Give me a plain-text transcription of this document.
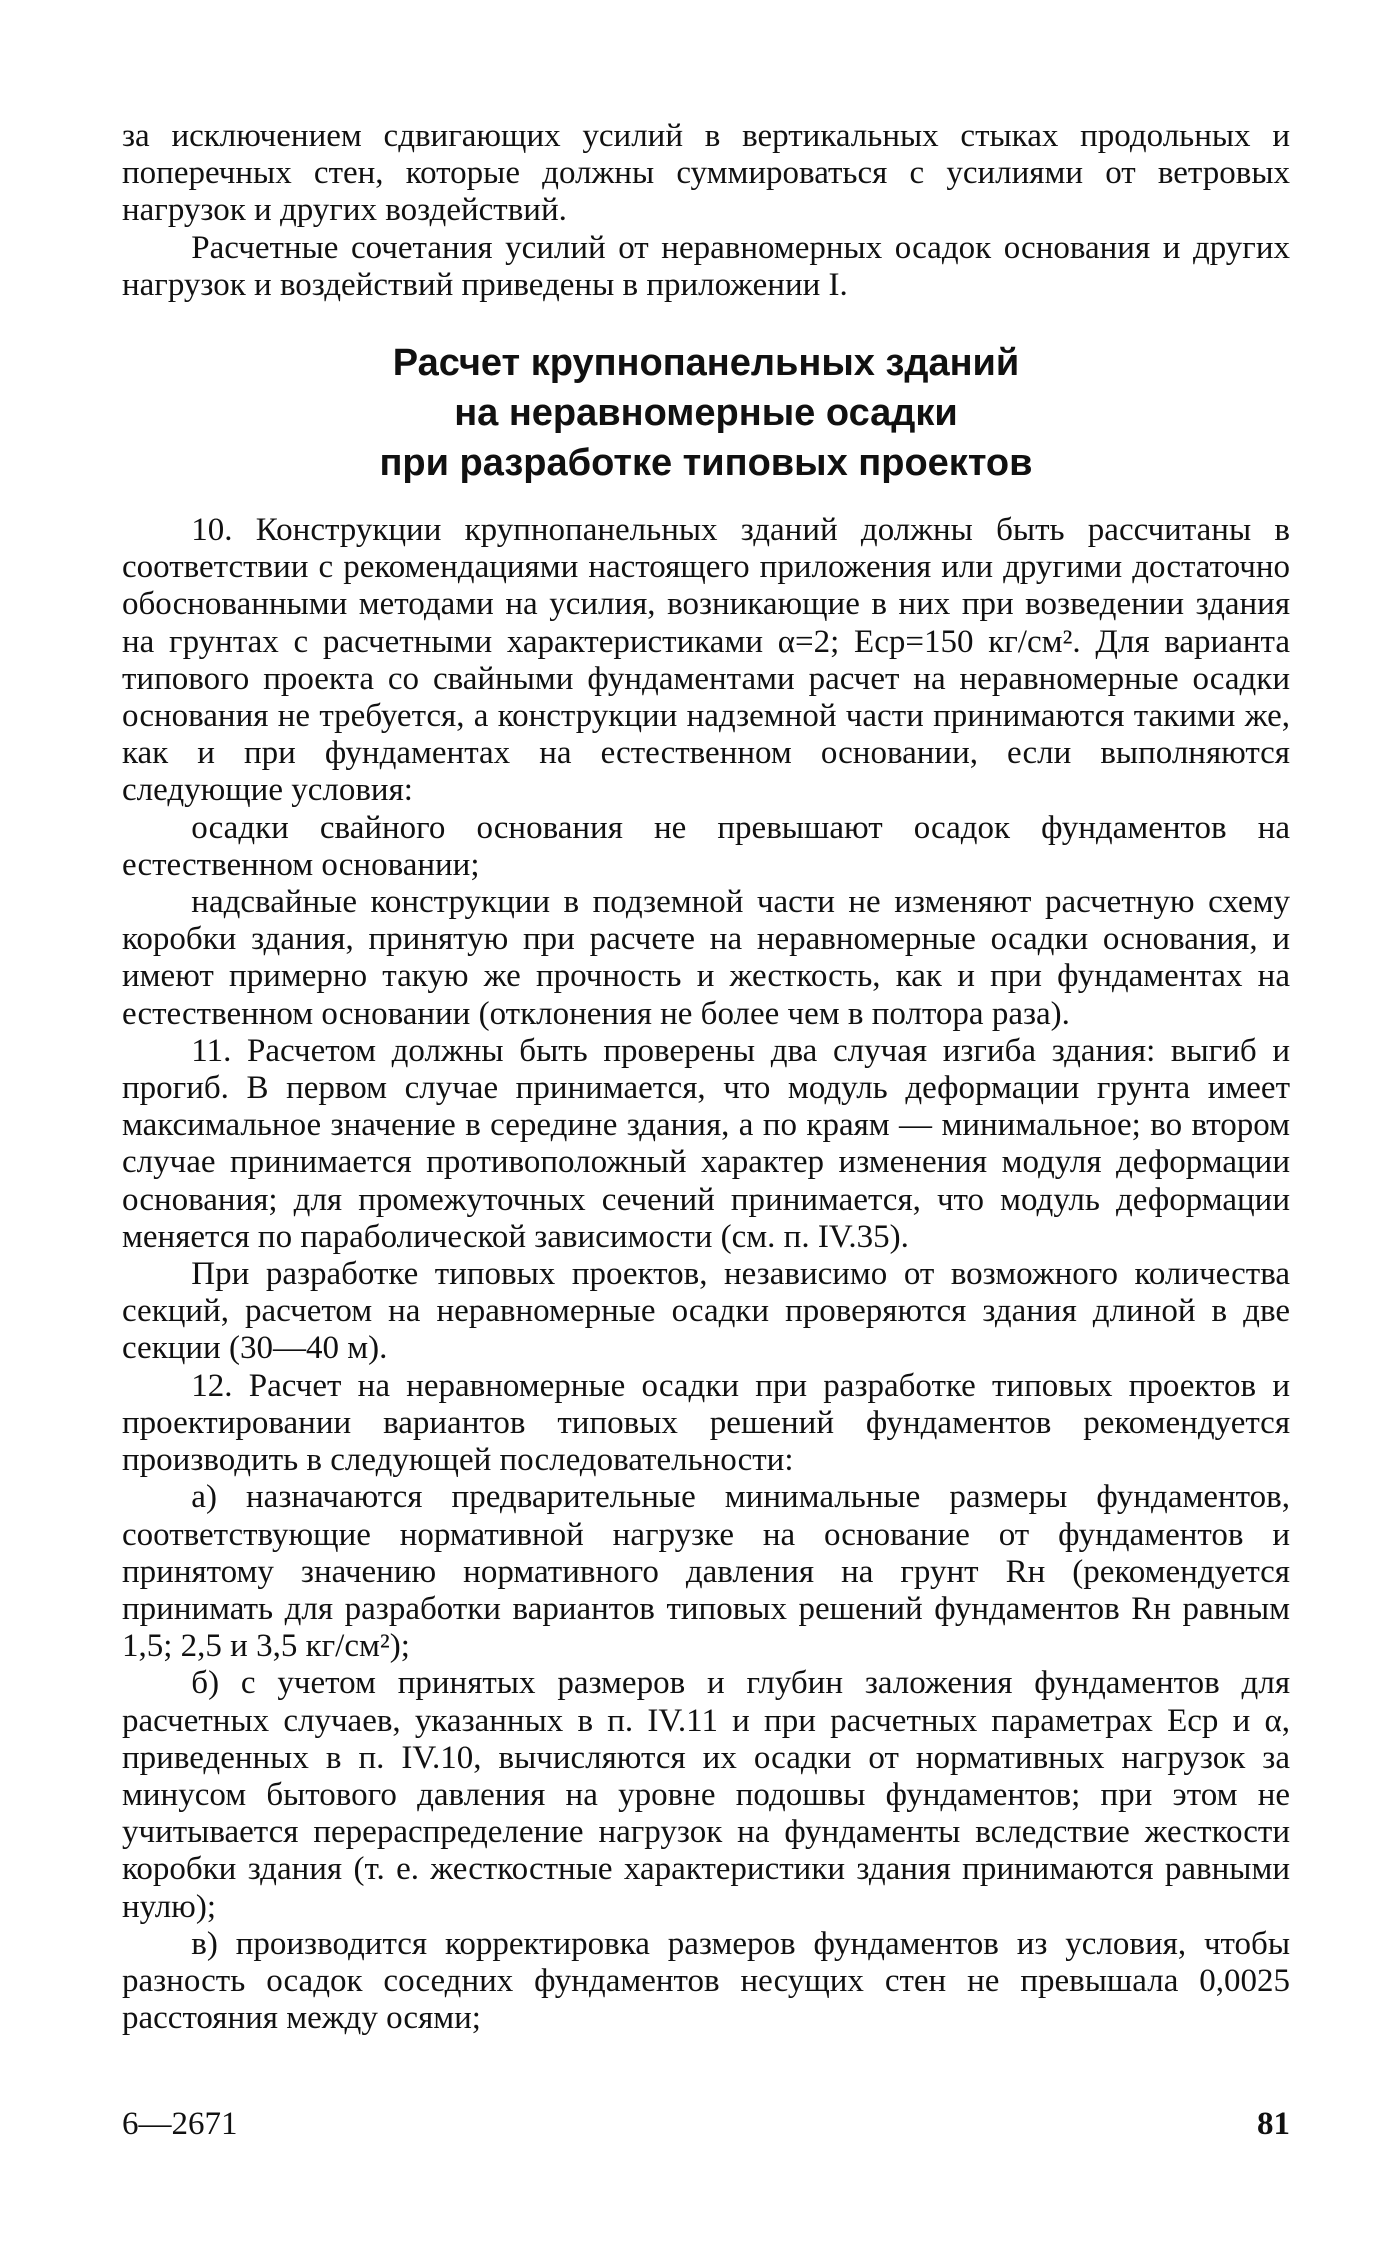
за исключением сдвигающих усилий в вертикальных стыках продольных и поперечных стен, которые должны суммироваться с усилиями от ветровых нагрузок и других воздействий.

Расчетные сочетания усилий от неравномерных осадок основания и других нагрузок и воздействий приведены в приложении I.

Расчет крупнопанельных зданий
на неравномерные осадки
при разработке типовых проектов

10. Конструкции крупнопанельных зданий должны быть рассчитаны в соответствии с рекомендациями настоящего приложения или другими достаточно обоснованными методами на усилия, возникающие в них при возведении здания на грунтах с расчетными характеристиками α=2; Eср=150 кг/см². Для варианта типового проекта со свайными фундаментами расчет на неравномерные осадки основания не требуется, а конструкции надземной части принимаются такими же, как и при фундаментах на естественном основании, если выполняются следующие условия:

осадки свайного основания не превышают осадок фундаментов на естественном основании;

надсвайные конструкции в подземной части не изменяют расчетную схему коробки здания, принятую при расчете на неравномерные осадки основания, и имеют примерно такую же прочность и жесткость, как и при фундаментах на естественном основании (отклонения не более чем в полтора раза).

11. Расчетом должны быть проверены два случая изгиба здания: выгиб и прогиб. В первом случае принимается, что модуль деформации грунта имеет максимальное значение в середине здания, а по краям — минимальное; во втором случае принимается противоположный характер изменения модуля деформации основания; для промежуточных сечений принимается, что модуль деформации меняется по параболической зависимости (см. п. IV.35).

При разработке типовых проектов, независимо от возможного количества секций, расчетом на неравномерные осадки проверяются здания длиной в две секции (30—40 м).

12. Расчет на неравномерные осадки при разработке типовых проектов и проектировании вариантов типовых решений фундаментов рекомендуется производить в следующей последовательности:

а) назначаются предварительные минимальные размеры фундаментов, соответствующие нормативной нагрузке на основание от фундаментов и принятому значению нормативного давления на грунт Rн (рекомендуется принимать для разработки вариантов типовых решений фундаментов Rн равным 1,5; 2,5 и 3,5 кг/см²);

б) с учетом принятых размеров и глубин заложения фундаментов для расчетных случаев, указанных в п. IV.11 и при расчетных параметрах Eср и α, приведенных в п. IV.10, вычисляются их осадки от нормативных нагрузок за минусом бытового давления на уровне подошвы фундаментов; при этом не учитывается перераспределение нагрузок на фундаменты вследствие жесткости коробки здания (т. е. жесткостные характеристики здания принимаются равными нулю);

в) производится корректировка размеров фундаментов из условия, чтобы разность осадок соседних фундаментов несущих стен не превышала 0,0025 расстояния между осями;

6—2671	81
